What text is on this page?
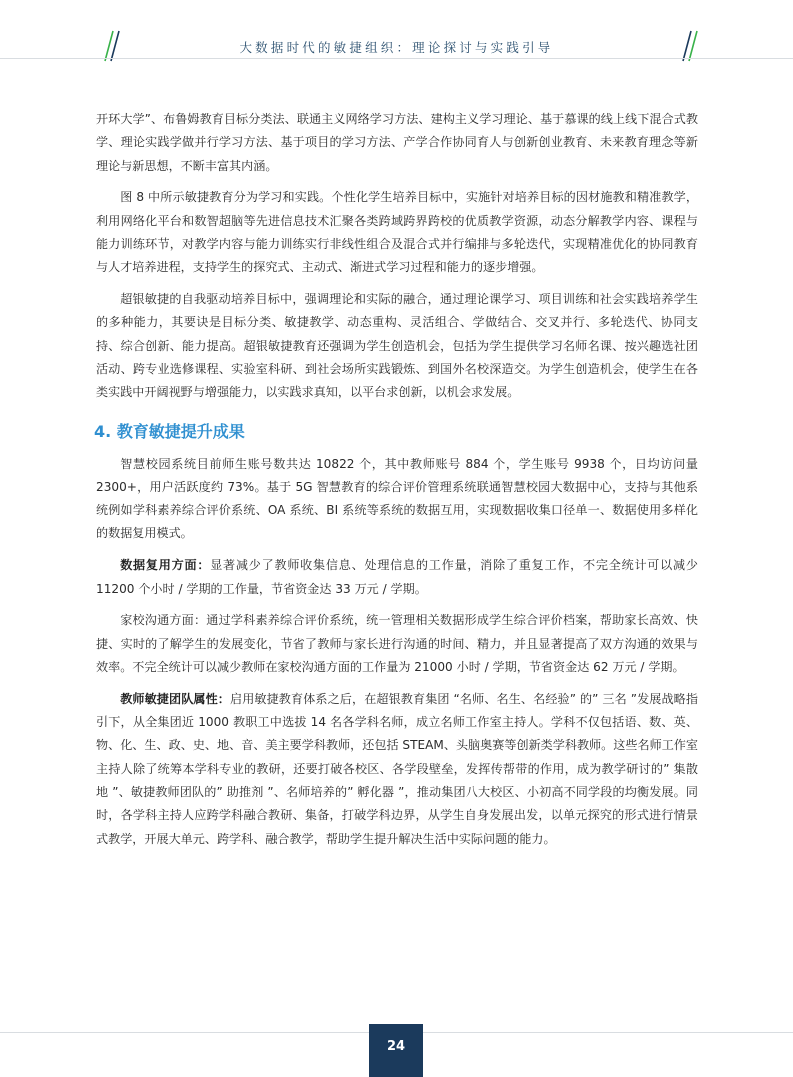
大数据时代的敏捷组织：理论探讨与实践引导

开环大学”、布鲁姆教育目标分类法、联通主义网络学习方法、建构主义学习理论、基于慕课的线上线下混合式教学、理论实践学做并行学习方法、基于项目的学习方法、产学合作协同育人与创新创业教育、未来教育理念等新理论与新思想，不断丰富其内涵。

图 8 中所示敏捷教育分为学习和实践。个性化学生培养目标中，实施针对培养目标的因材施教和精准教学，利用网络化平台和数智超脑等先进信息技术汇聚各类跨域跨界跨校的优质教学资源，动态分解教学内容、课程与能力训练环节，对教学内容与能力训练实行非线性组合及混合式并行编排与多轮迭代，实现精准优化的协同教育与人才培养进程，支持学生的探究式、主动式、渐进式学习过程和能力的逐步增强。

超银敏捷的自我驱动培养目标中，强调理论和实际的融合，通过理论课学习、项目训练和社会实践培养学生的多种能力，其要诀是目标分类、敏捷教学、动态重构、灵活组合、学做结合、交叉并行、多轮迭代、协同支持、综合创新、能力提高。超银敏捷教育还强调为学生创造机会，包括为学生提供学习名师名课、按兴趣选社团活动、跨专业选修课程、实验室科研、到社会场所实践锻炼、到国外名校深造交。为学生创造机会，使学生在各类实践中开阔视野与增强能力，以实践求真知，以平台求创新，以机会求发展。

4. 教育敏捷提升成果

智慧校园系统目前师生账号数共达 10822 个，其中教师账号 884 个，学生账号 9938 个，日均访问量 2300+，用户活跃度约 73%。基于 5G 智慧教育的综合评价管理系统联通智慧校园大数据中心，支持与其他系统例如学科素养综合评价系统、OA 系统、BI 系统等系统的数据互用，实现数据收集口径单一、数据使用多样化的数据复用模式。

数据复用方面：显著减少了教师收集信息、处理信息的工作量，消除了重复工作，不完全统计可以减少 11200 个小时 / 学期的工作量，节省资金达 33 万元 / 学期。

家校沟通方面：通过学科素养综合评价系统，统一管理相关数据形成学生综合评价档案，帮助家长高效、快捷、实时的了解学生的发展变化，节省了教师与家长进行沟通的时间、精力，并且显著提高了双方沟通的效果与效率。不完全统计可以减少教师在家校沟通方面的工作量为 21000 小时 / 学期，节省资金达 62 万元 / 学期。

教师敏捷团队属性：启用敏捷教育体系之后，在超银教育集团 “名师、名生、名经验” 的” 三名 ”发展战略指引下，从全集团近 1000 教职工中选拔 14 名各学科名师，成立名师工作室主持人。学科不仅包括语、数、英、物、化、生、政、史、地、音、美主要学科教师，还包括 STEAM、头脑奥赛等创新类学科教师。这些名师工作室主持人除了统筹本学科专业的教研，还要打破各校区、各学段壁垒，发挥传帮带的作用，成为教学研讨的” 集散地 ”、敏捷教师团队的” 助推剂 ”、名师培养的” 孵化器 ”，推动集团八大校区、小初高不同学段的均衡发展。同时，各学科主持人应跨学科融合教研、集备，打破学科边界，从学生自身发展出发，以单元探究的形式进行情景式教学，开展大单元、跨学科、融合教学，帮助学生提升解决生活中实际问题的能力。

24
